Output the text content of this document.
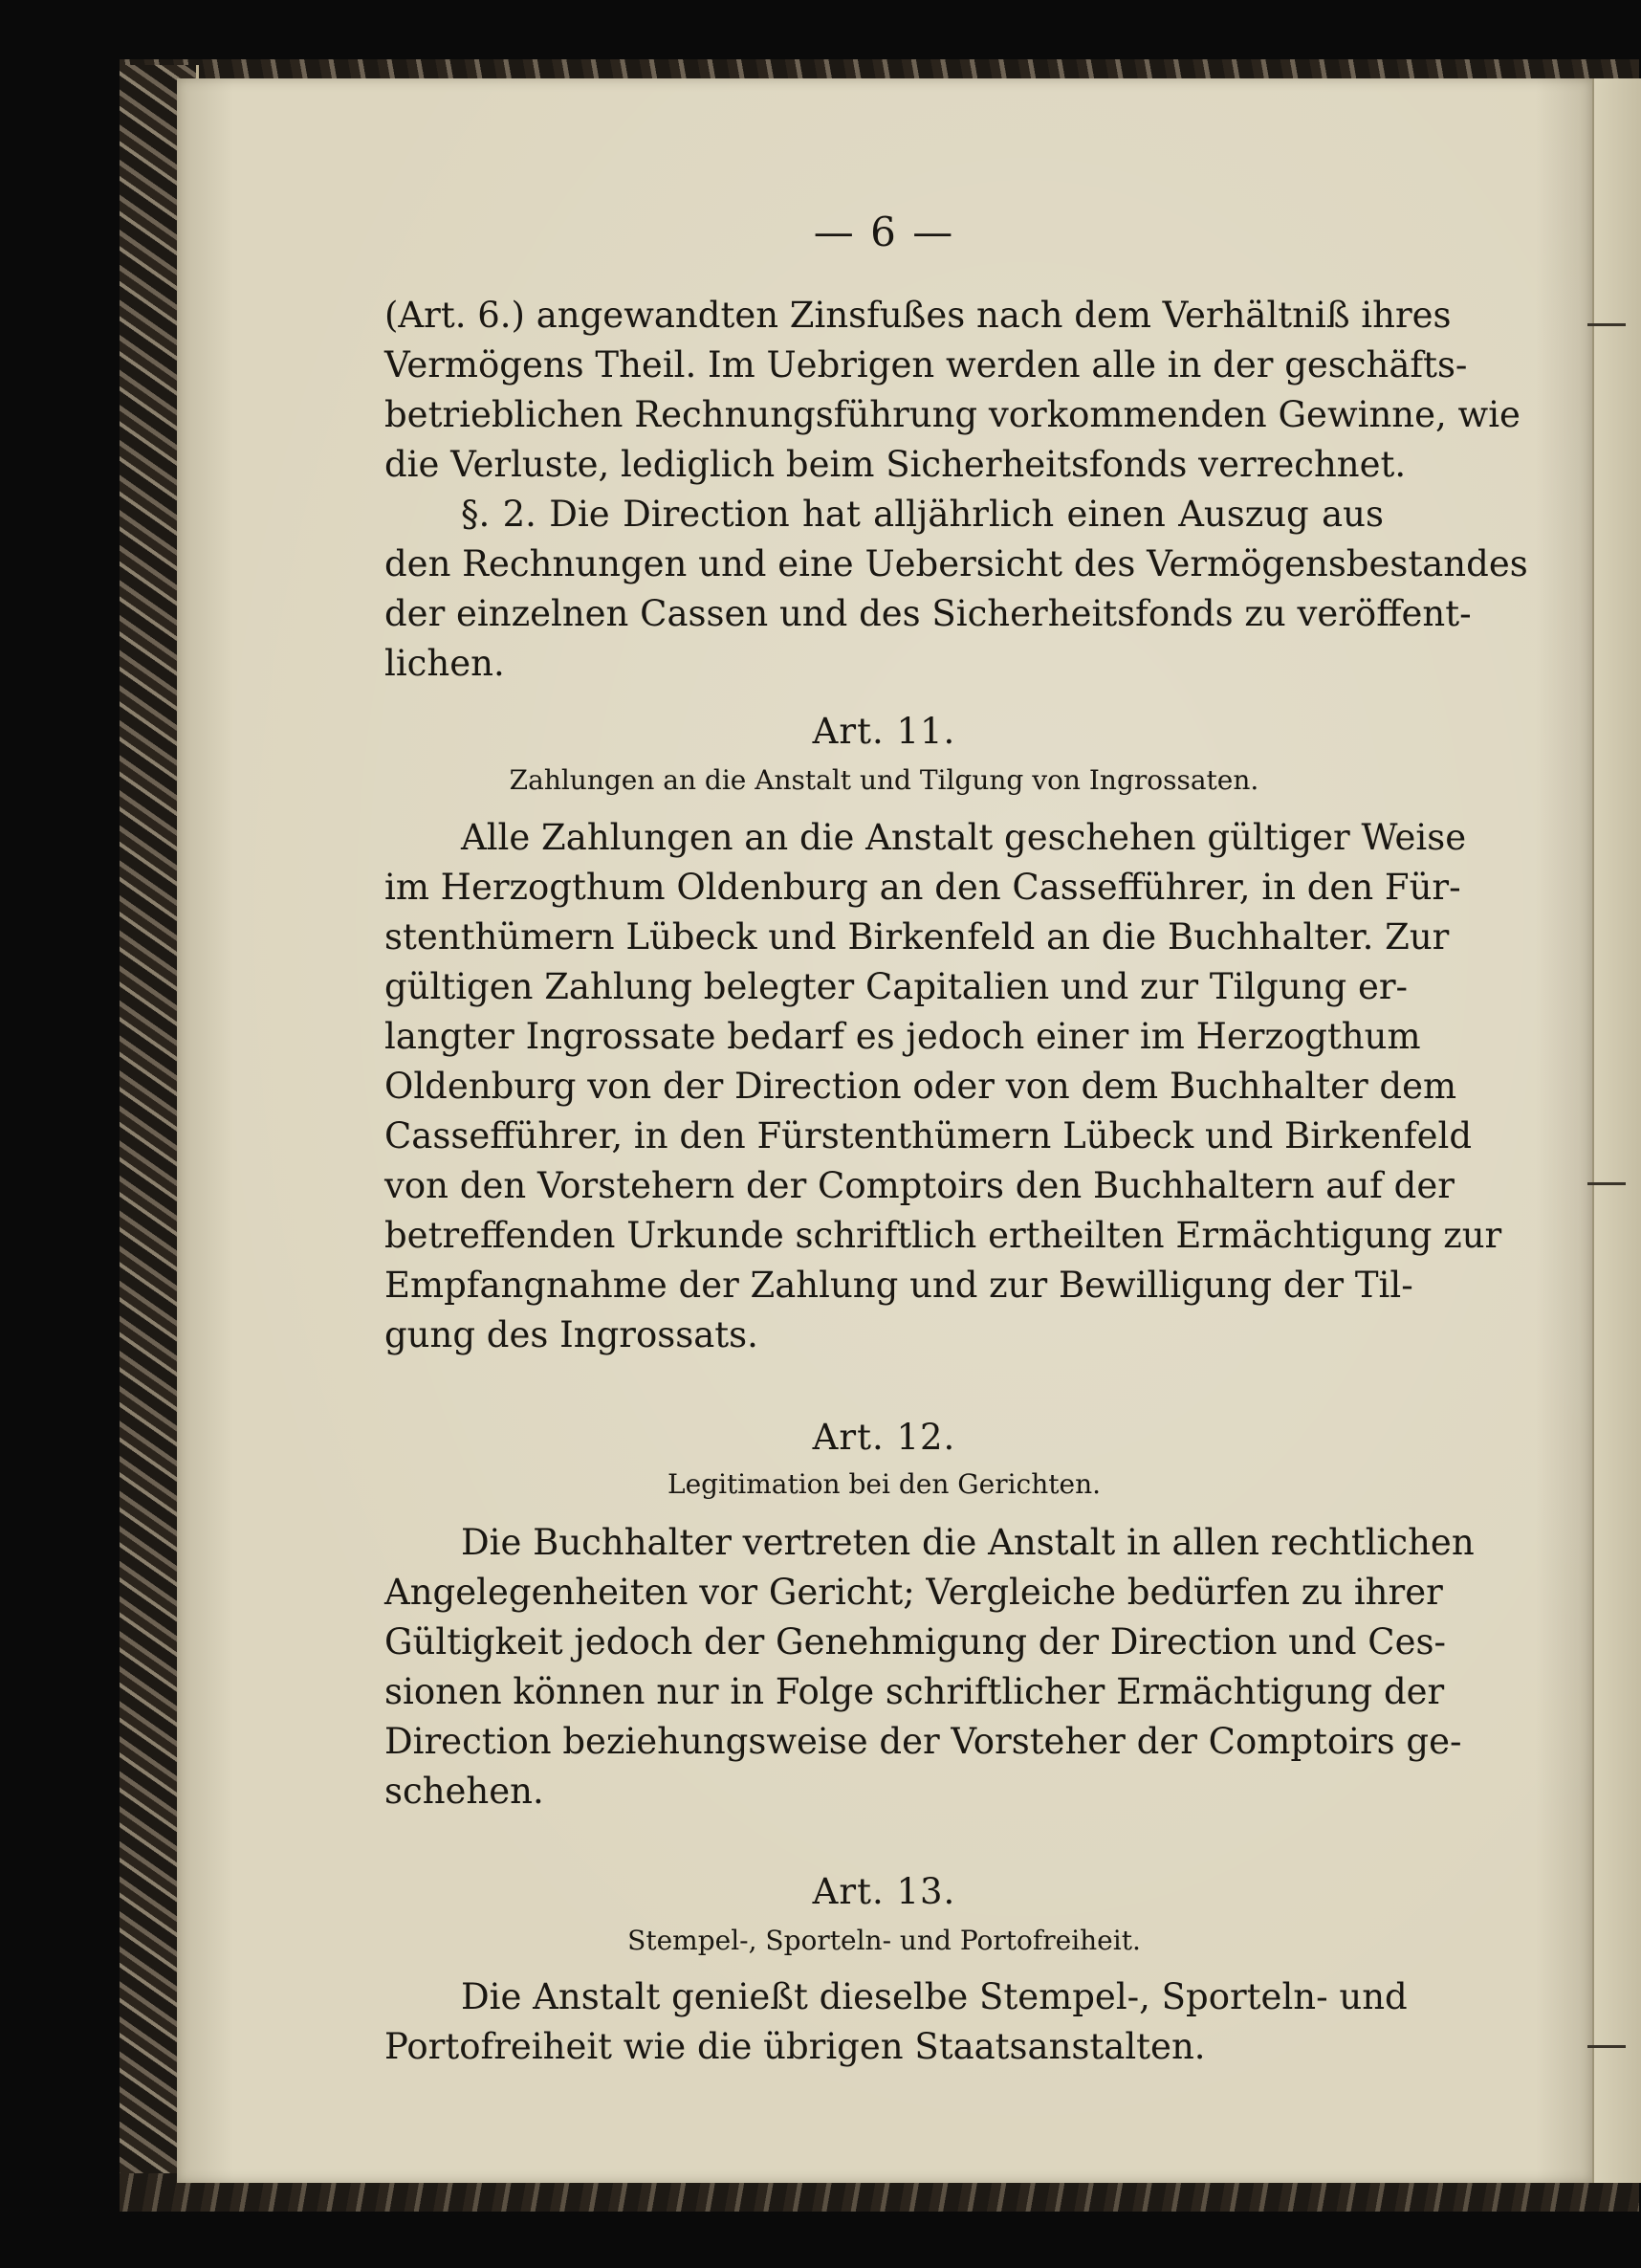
— 6 —
(Art. 6.) angewandten Zinsfußes nach dem Verhältniß ihres
Vermögens Theil. Im Uebrigen werden alle in der geschäfts-
betrieblichen Rechnungsführung vorkommenden Gewinne, wie
die Verluste, lediglich beim Sicherheitsfonds verrechnet.
§. 2. Die Direction hat alljährlich einen Auszug aus
den Rechnungen und eine Uebersicht des Vermögensbestandes
der einzelnen Cassen und des Sicherheitsfonds zu veröffent-
lichen.
Art. 11.
Zahlungen an die Anstalt und Tilgung von Ingrossaten.
Alle Zahlungen an die Anstalt geschehen gültiger Weise
im Herzogthum Oldenburg an den Cassefführer, in den Für-
stenthümern Lübeck und Birkenfeld an die Buchhalter. Zur
gültigen Zahlung belegter Capitalien und zur Tilgung er-
langter Ingrossate bedarf es jedoch einer im Herzogthum
Oldenburg von der Direction oder von dem Buchhalter dem
Cassefführer, in den Fürstenthümern Lübeck und Birkenfeld
von den Vorstehern der Comptoirs den Buchhaltern auf der
betreffenden Urkunde schriftlich ertheilten Ermächtigung zur
Empfangnahme der Zahlung und zur Bewilligung der Til-
gung des Ingrossats.
Art. 12.
Legitimation bei den Gerichten.
Die Buchhalter vertreten die Anstalt in allen rechtlichen
Angelegenheiten vor Gericht; Vergleiche bedürfen zu ihrer
Gültigkeit jedoch der Genehmigung der Direction und Ces-
sionen können nur in Folge schriftlicher Ermächtigung der
Direction beziehungsweise der Vorsteher der Comptoirs ge-
schehen.
Art. 13.
Stempel-, Sporteln- und Portofreiheit.
Die Anstalt genießt dieselbe Stempel-, Sporteln- und
Portofreiheit wie die übrigen Staatsanstalten.
